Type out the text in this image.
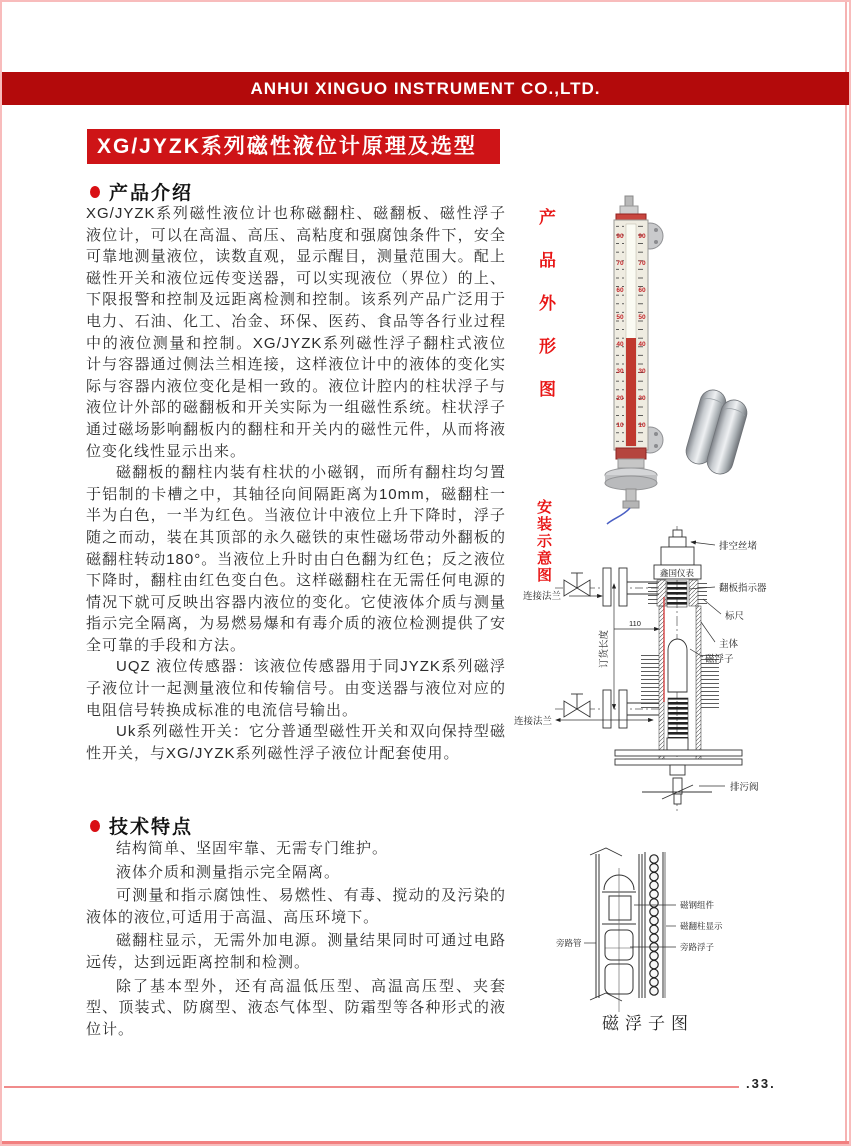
ANHUI XINGUO INSTRUMENT CO.,LTD.
XG/JYZK系列磁性液位计原理及选型
产品介绍

XG/JYZK系列磁性液位计也称磁翻柱、磁翻板、磁性浮子液位计，可以在高温、高压、高粘度和强腐蚀条件下，安全可靠地测量液位，读数直观，显示醒目，测量范围大。配上磁性开关和液位远传变送器，可以实现液位（界位）的上、下限报警和控制及远距离检测和控制。该系列产品广泛用于电力、石油、化工、冶金、环保、医药、食品等各行业过程中的液位测量和控制。XG/JYZK系列磁性浮子翻柱式液位计与容器通过侧法兰相连接，这样液位计中的液体的变化实际与容器内液位变化是相一致的。液位计腔内的柱状浮子与液位计外部的磁翻板和开关实际为一组磁性系统。柱状浮子通过磁场影响翻板内的翻柱和开关内的磁性元件，从而将液位变化线性显示出来。

磁翻板的翻柱内装有柱状的小磁钢，而所有翻柱均匀置于铝制的卡槽之中，其轴径向间隔距离为10mm，磁翻柱一半为白色，一半为红色。当液位计中液位上升下降时，浮子随之而动，装在其顶部的永久磁铁的束性磁场带动外翻板的磁翻柱转动180°。当液位上升时由白色翻为红色；反之液位下降时，翻柱由红色变白色。这样磁翻柱在无需任何电源的情况下就可反映出容器内液位的变化。它使液体介质与测量指示完全隔离，为易燃易爆和有毒介质的液位检测提供了安全可靠的手段和方法。

UQZ 液位传感器：该液位传感器用于同JYZK系列磁浮子液位计一起测量液位和传输信号。由变送器与液位对应的电阻信号转换成标准的电流信号输出。

Uk系列磁性开关：它分普通型磁性开关和双向保持型磁性开关，与XG/JYZK系列磁性浮子液位计配套使用。

技术特点

结构简单、坚固牢靠、无需专门维护。

液体介质和测量指示完全隔离。

可测量和指示腐蚀性、易燃性、有毒、搅动的及污染的液体的液位,可适用于高温、高压环境下。

磁翻柱显示，无需外加电源。测量结果同时可通过电路远传，达到远距离控制和检测。

除了基本型外，还有高温低压型、高温高压型、夹套型、顶装式、防腐型、液态气体型、防霜型等各种形式的液位计。

产品外形图
安装示意图
90 90
70 70
60 60
50 50
40 40
30 30
20 20
10 10
鑫国仪表
排空丝堵
翻板指示器
标尺
主体
磁浮子
排污阀
连接法兰
连接法兰
订货长度
110
磁钢组件
磁翻柱显示
旁路浮子
旁路管
磁浮子图
.33.
